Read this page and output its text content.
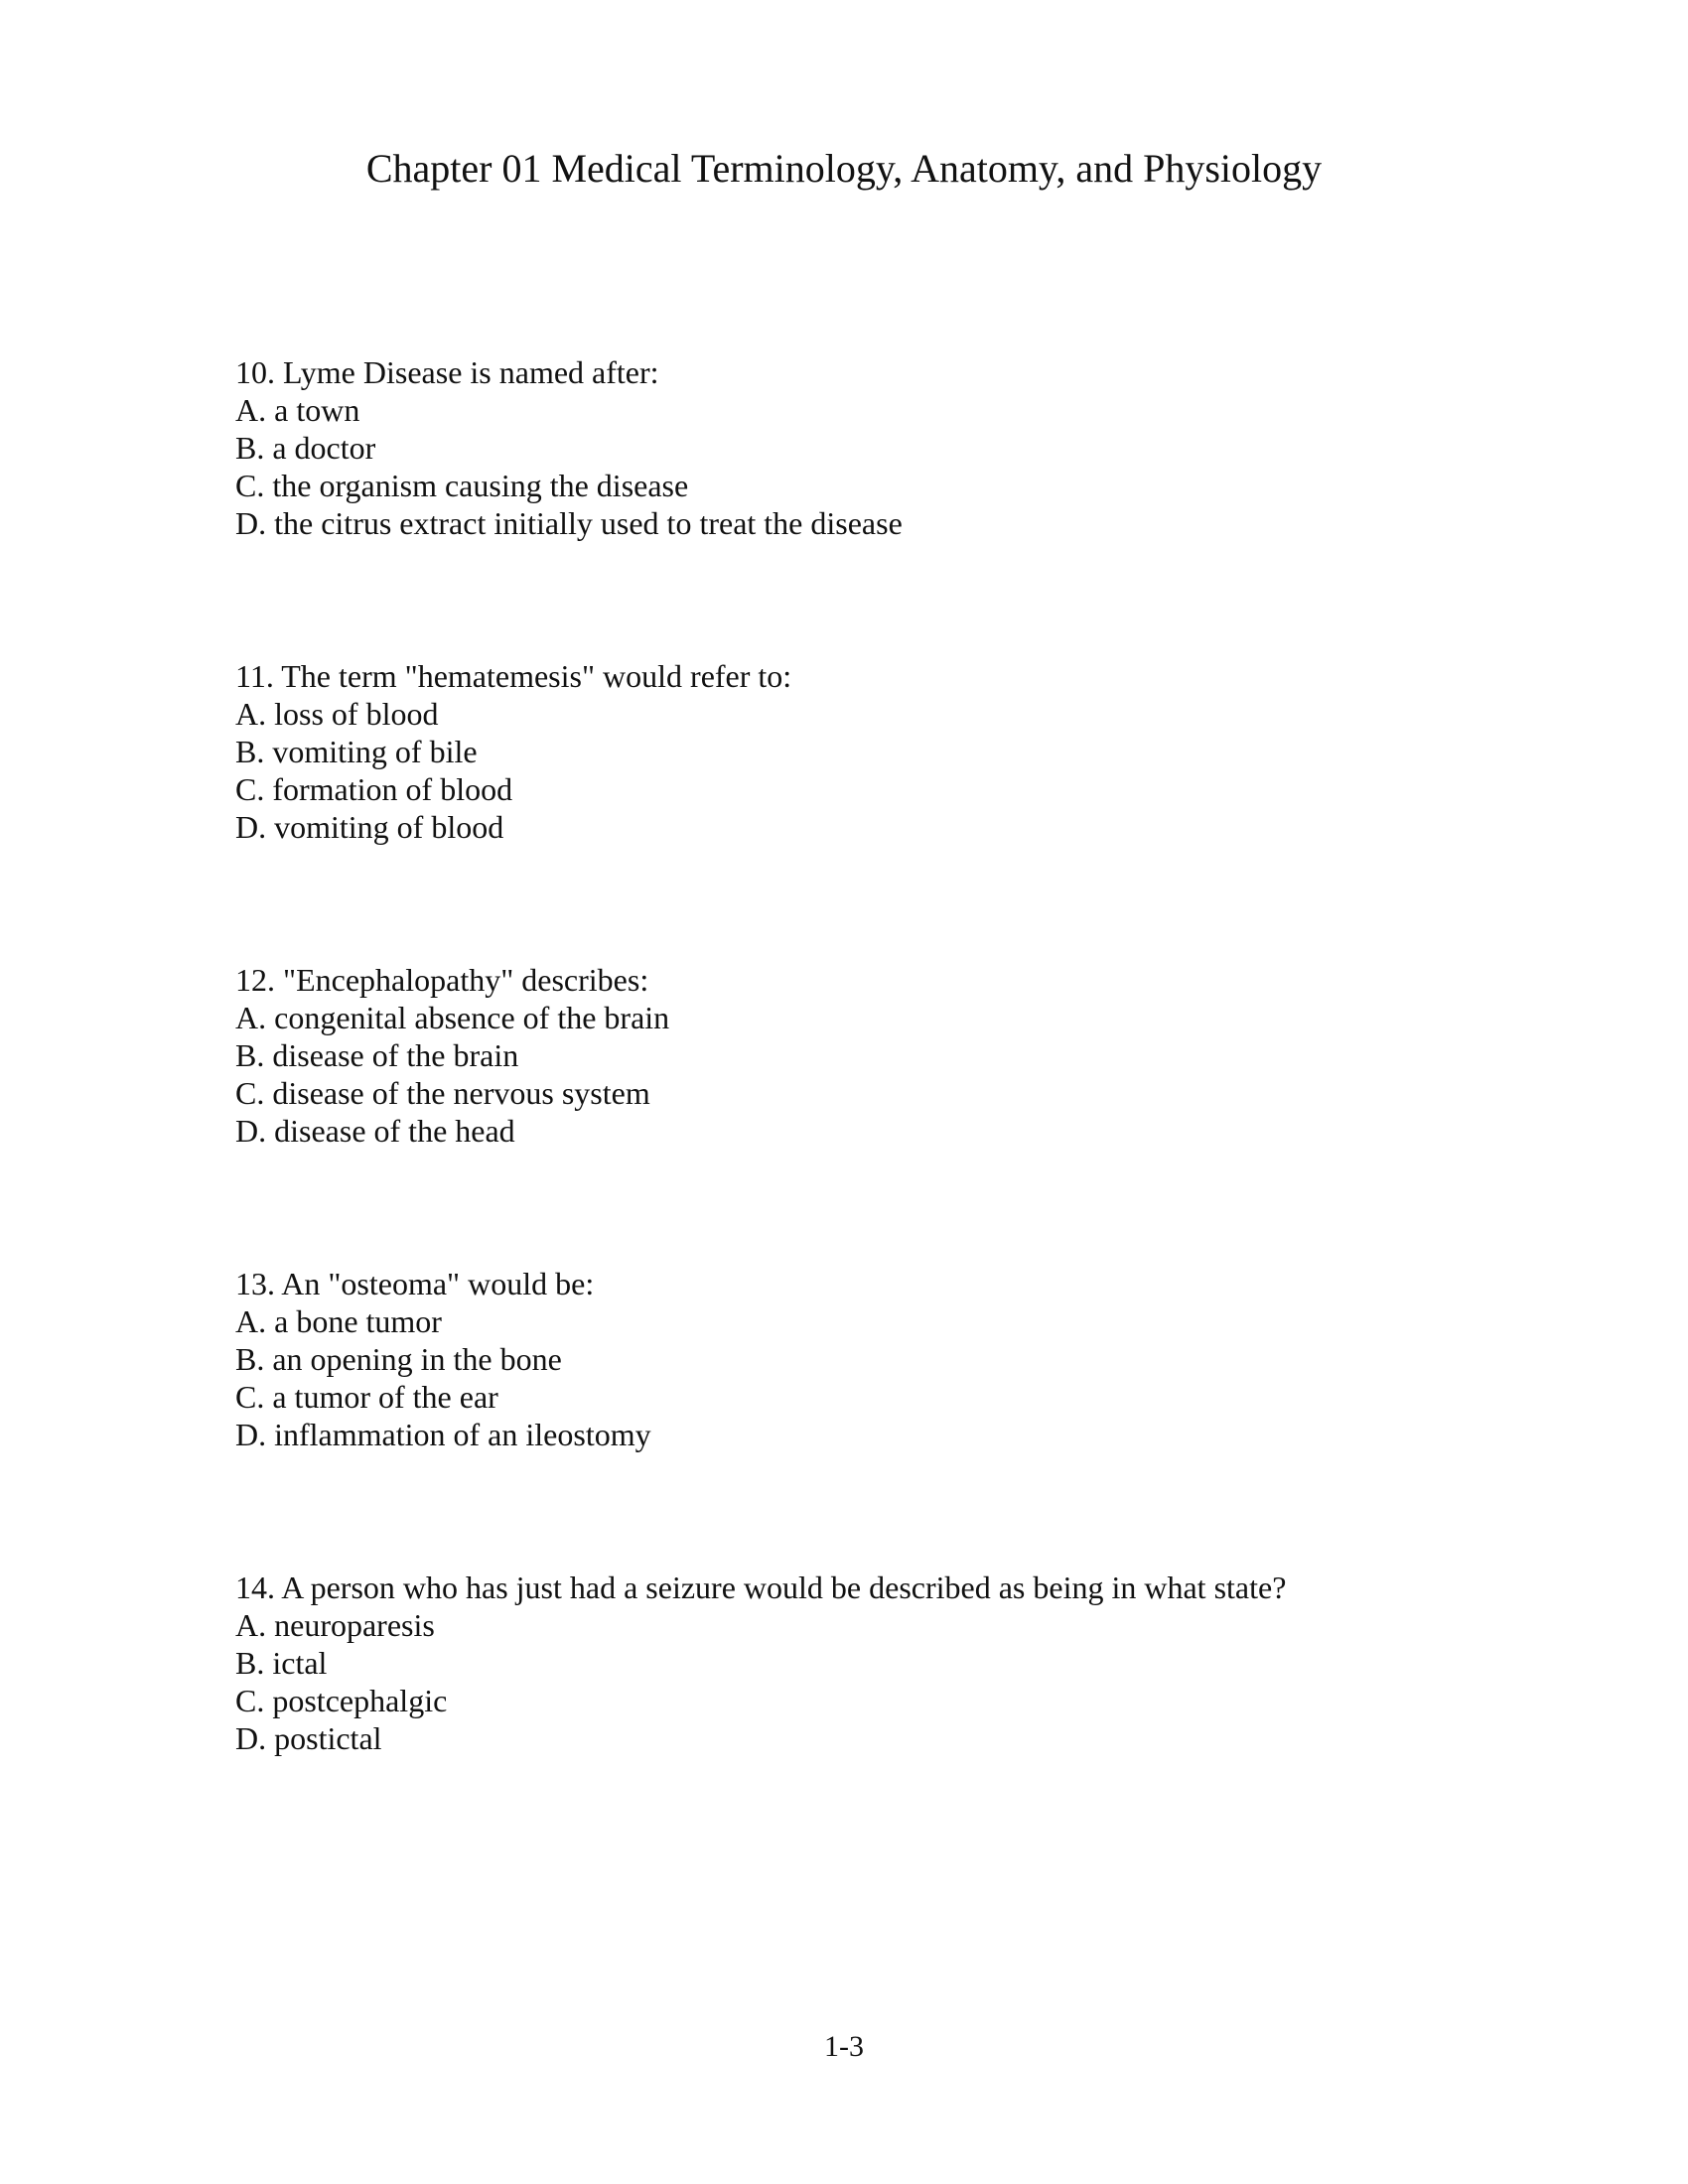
Chapter 01 Medical Terminology, Anatomy, and Physiology
10. Lyme Disease is named after:
A. a town
B. a doctor
C. the organism causing the disease
D. the citrus extract initially used to treat the disease
11. The term "hematemesis" would refer to:
A. loss of blood
B. vomiting of bile
C. formation of blood
D. vomiting of blood
12. "Encephalopathy" describes:
A. congenital absence of the brain
B. disease of the brain
C. disease of the nervous system
D. disease of the head
13. An "osteoma" would be:
A. a bone tumor
B. an opening in the bone
C. a tumor of the ear
D. inflammation of an ileostomy
14. A person who has just had a seizure would be described as being in what state?
A. neuroparesis
B. ictal
C. postcephalgic
D. postictal
1-3
